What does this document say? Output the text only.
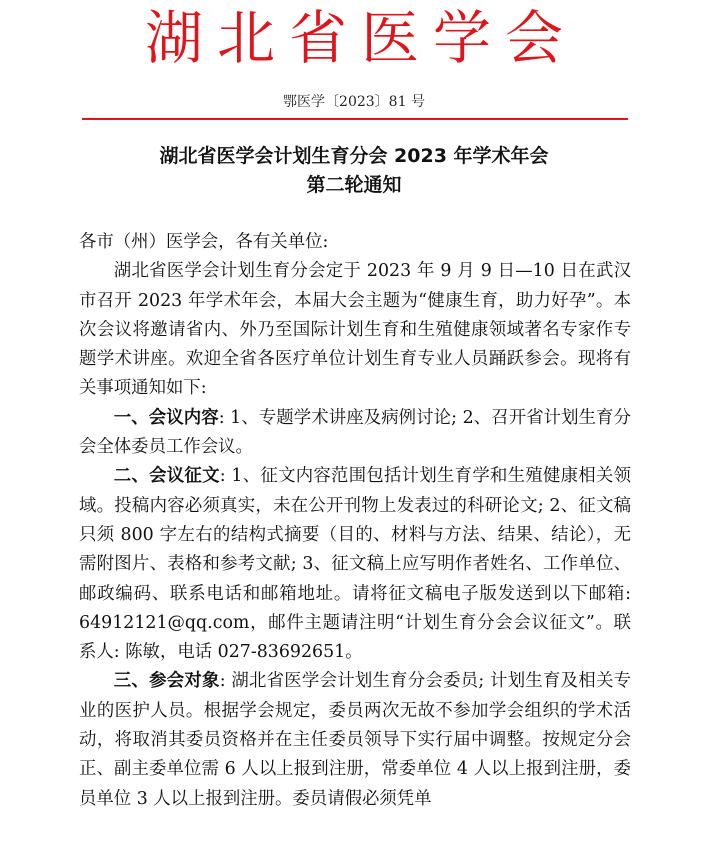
湖北省医学会
鄂医学〔2023〕81 号
湖北省医学会计划生育分会 2023 年学术年会
第二轮通知

各市（州）医学会，各有关单位:

湖北省医学会计划生育分会定于 2023 年 9 月 9 日—10 日在武汉市召开 2023 年学术年会，本届大会主题为“健康生育，助力好孕”。本次会议将邀请省内、外乃至国际计划生育和生殖健康领域著名专家作专题学术讲座。欢迎全省各医疗单位计划生育专业人员踊跃参会。现将有关事项通知如下:

一、会议内容: 1、专题学术讲座及病例讨论; 2、召开省计划生育分会全体委员工作会议。

二、会议征文: 1、征文内容范围包括计划生育学和生殖健康相关领域。投稿内容必须真实，未在公开刊物上发表过的科研论文; 2、征文稿只须 800 字左右的结构式摘要（目的、材料与方法、结果、结论），无需附图片、表格和参考文献; 3、征文稿上应写明作者姓名、工作单位、邮政编码、联系电话和邮箱地址。请将征文稿电子版发送到以下邮箱: 64912121@qq.com，邮件主题请注明“计划生育分会会议征文”。联系人: 陈敏，电话 027-83692651。

三、参会对象: 湖北省医学会计划生育分会委员; 计划生育及相关专业的医护人员。根据学会规定，委员两次无故不参加学会组织的学术活动，将取消其委员资格并在主任委员领导下实行届中调整。按规定分会正、副主委单位需 6 人以上报到注册，常委单位 4 人以上报到注册，委员单位 3 人以上报到注册。委员请假必须凭单
